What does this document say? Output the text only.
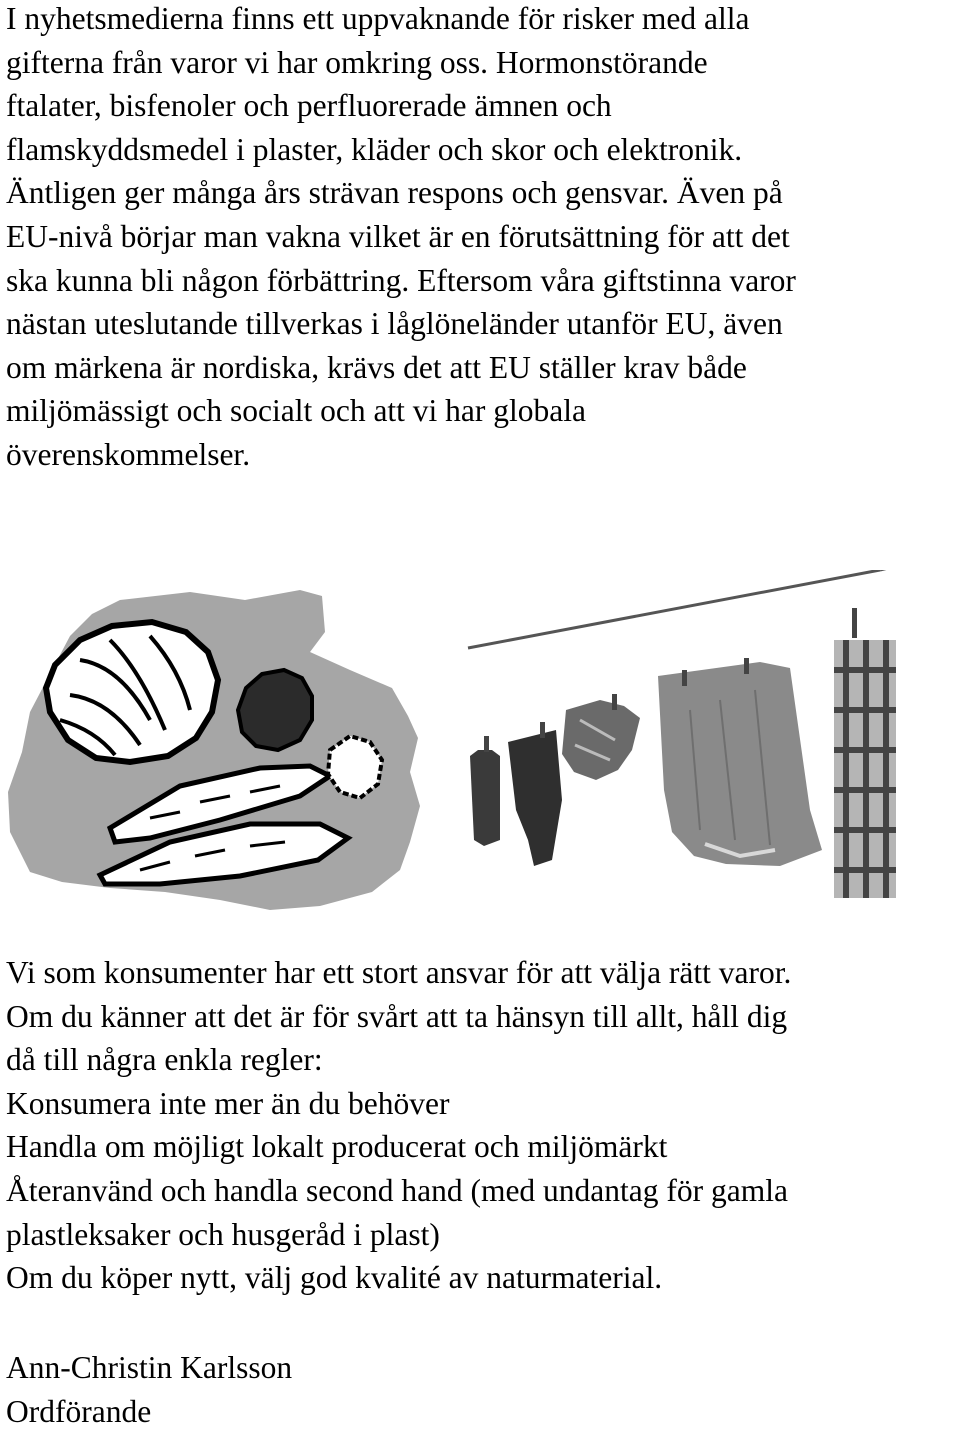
I nyhetsmedierna finns ett uppvaknande för risker med alla
gifterna från varor vi har omkring oss. Hormonstörande
ftalater, bisfenoler och perfluorerade ämnen och
flamskyddsmedel i plaster, kläder och skor och elektronik.
Äntligen ger många års strävan respons och gensvar. Även på
EU-nivå börjar man vakna vilket är en förutsättning för att det
ska kunna bli någon förbättring. Eftersom våra giftstinna varor
nästan uteslutande tillverkas i låglöneländer utanför EU, även
om märkena är nordiska, krävs det att EU ställer krav både
miljömässigt och socialt och att vi har globala
överenskommelser.
Vi som konsumenter har ett stort ansvar för att välja rätt varor.
Om du känner att det är för svårt att ta hänsyn till allt, håll dig
då till några enkla regler:
Konsumera inte mer än du behöver
Handla om möjligt lokalt producerat och miljömärkt
Återanvänd och handla second hand (med undantag för gamla
plastleksaker och husgeråd i plast)
Om du köper nytt, välj god kvalité av naturmaterial.
Ann-Christin Karlsson
Ordförande
